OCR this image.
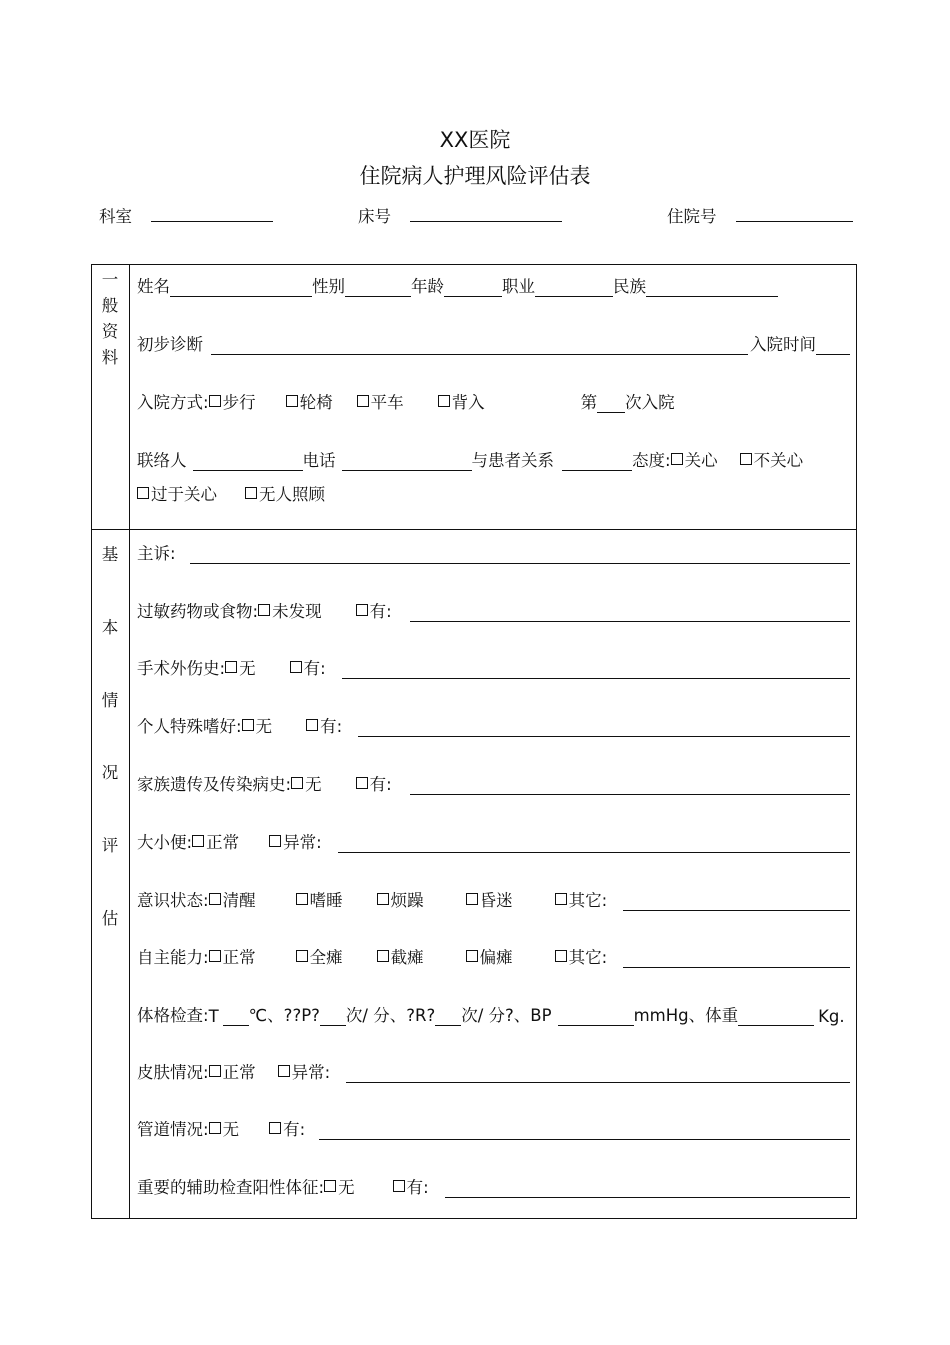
XX医院
住院病人护理风险评估表
科室	床号	住院号
一
般
资
料
姓名	性别	年龄	职业	民族
初步诊断	入院时间
入院方式: 步行	轮椅 平车	背入	第 次入院
联络人	电话	与患者关系	态度: 关心 不关心
过于关心	无人照顾
基
本
情
况
评
估
主诉:
过敏药物或食物: 未发现	有:
手术外伤史: 无	有:
个人特殊嗜好: 无	有:
家族遗传及传染病史: 无	有:
大小便: 正常	异常:
意识状态: 清醒	嗜睡	烦躁	昏迷	其它:
自主能力: 正常	全瘫	截瘫	偏瘫	其它:
体格检查: T ℃、??P? 次/ 分、?R? 次/ 分?、BP	mmHg、体重	Kg.
皮肤情况: 正常 异常:
管道情况: 无	有:
重要的辅助检查阳性体征: 无	有:
